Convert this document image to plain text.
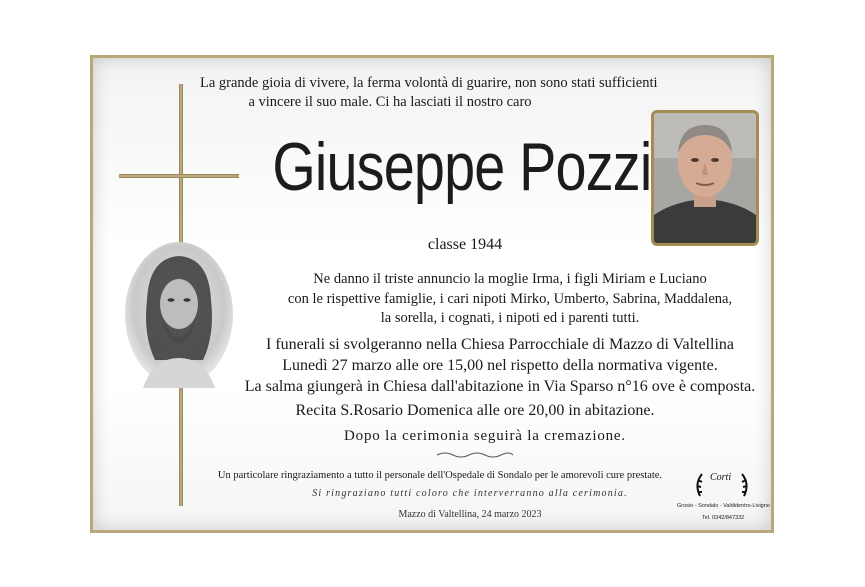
La grande gioia di vivere, la ferma volontà di guarire, non sono stati sufficienti
a vincere il suo male. Ci ha lasciati il nostro caro
Giuseppe Pozzi
classe 1944
Ne danno il triste annuncio la moglie Irma, i figli Miriam e Luciano
con le rispettive famiglie, i cari nipoti Mirko, Umberto, Sabrina, Maddalena,
la sorella, i cognati, i nipoti ed i parenti tutti.
I funerali si svolgeranno nella Chiesa Parrocchiale di Mazzo di Valtellina
Lunedì 27 marzo alle ore 15,00 nel rispetto della normativa vigente.
La salma giungerà in Chiesa dall'abitazione in Via Sparso n°16 ove è composta.
Recita S.Rosario Domenica alle ore 20,00 in abitazione.
Dopo la cerimonia seguirà la cremazione.
Un particolare ringraziamento a tutto il personale dell'Ospedale di Sondalo per le amorevoli cure prestate.
Si ringraziano tutti coloro che interverranno alla cerimonia.
Mazzo di Valtellina, 24 marzo 2023
Corti
Grosio - Sondalo - Valdidentro-Livigno
Tel. 0342/847332
